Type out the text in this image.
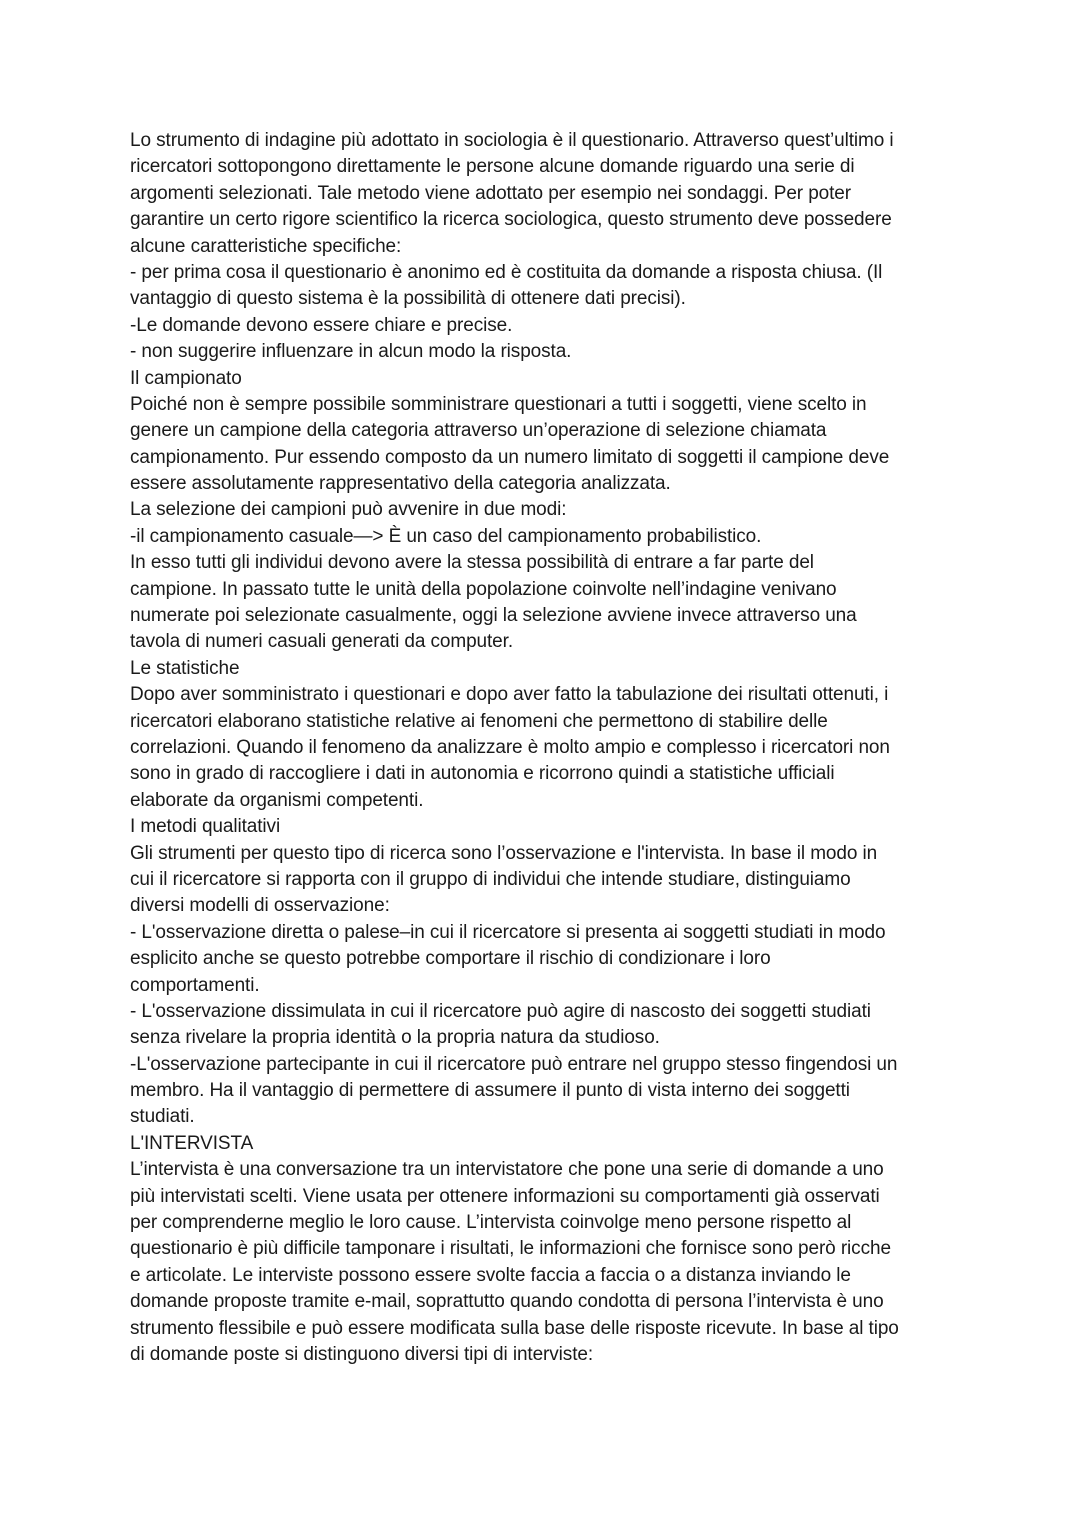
Lo strumento di indagine più adottato in sociologia è il questionario. Attraverso quest’ultimo i
ricercatori sottopongono direttamente le persone alcune domande riguardo una serie di
argomenti selezionati. Tale metodo viene adottato per esempio nei sondaggi. Per poter
garantire un certo rigore scientifico la ricerca sociologica, questo strumento deve possedere
alcune caratteristiche specifiche:
- per prima cosa il questionario è anonimo ed è costituita da domande a risposta chiusa. (Il
vantaggio di questo sistema è la possibilità di ottenere dati precisi).
-Le domande devono essere chiare e precise.
- non suggerire influenzare in alcun modo la risposta.
Il campionato
Poiché non è sempre possibile somministrare questionari a tutti i soggetti, viene scelto in
genere un campione della categoria attraverso un’operazione di selezione chiamata
campionamento. Pur essendo composto da un numero limitato di soggetti il campione deve
essere assolutamente rappresentativo della categoria analizzata.
La selezione dei campioni può avvenire in due modi:
-il campionamento casuale—> È un caso del campionamento probabilistico.
In esso tutti gli individui devono avere la stessa possibilità di entrare a far parte del
campione. In passato tutte le unità della popolazione coinvolte nell’indagine venivano
numerate poi selezionate casualmente, oggi la selezione avviene invece attraverso una
tavola di numeri casuali generati da computer.
Le statistiche
Dopo aver somministrato i questionari e dopo aver fatto la tabulazione dei risultati ottenuti, i
ricercatori elaborano statistiche relative ai fenomeni che permettono di stabilire delle
correlazioni. Quando il fenomeno da analizzare è molto ampio e complesso i ricercatori non
sono in grado di raccogliere i dati in autonomia e ricorrono quindi a statistiche ufficiali
elaborate da organismi competenti.
I metodi qualitativi
Gli strumenti per questo tipo di ricerca sono l’osservazione e l'intervista. In base il modo in
cui il ricercatore si rapporta con il gruppo di individui che intende studiare, distinguiamo
diversi modelli di osservazione:
- L'osservazione diretta o palese–in cui il ricercatore si presenta ai soggetti studiati in modo
esplicito anche se questo potrebbe comportare il rischio di condizionare i loro
comportamenti.
- L'osservazione dissimulata in cui il ricercatore può agire di nascosto dei soggetti studiati
senza rivelare la propria identità o la propria natura da studioso.
-L'osservazione partecipante in cui il ricercatore può entrare nel gruppo stesso fingendosi un
membro. Ha il vantaggio di permettere di assumere il punto di vista interno dei soggetti
studiati.
L'INTERVISTA
L’intervista è una conversazione tra un intervistatore che pone una serie di domande a uno
più intervistati scelti. Viene usata per ottenere informazioni su comportamenti già osservati
per comprenderne meglio le loro cause. L’intervista coinvolge meno persone rispetto al
questionario è più difficile tamponare i risultati, le informazioni che fornisce sono però ricche
e articolate. Le interviste possono essere svolte faccia a faccia o a distanza inviando le
domande proposte tramite e-mail, soprattutto quando condotta di persona l’intervista è uno
strumento flessibile e può essere modificata sulla base delle risposte ricevute. In base al tipo
di domande poste si distinguono diversi tipi di interviste:
